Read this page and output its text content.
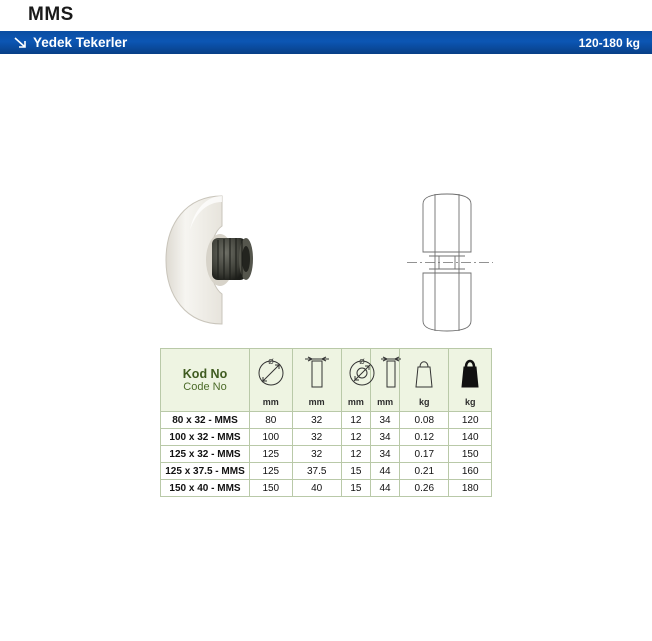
MMS
Yedek Tekerler	120-180 kg
Kod No
Code No

Ø
mm	mm

Ø
mm	mm	kg	kg

80 x 32 - MMS	80	32	12	34	0.08	120
100 x 32 - MMS	100	32	12	34	0.12	140
125 x 32 - MMS	125	32	12	34	0.17	150
125 x 37.5 - MMS	125	37.5	15	44	0.21	160
150 x 40 - MMS	150	40	15	44	0.26	180
